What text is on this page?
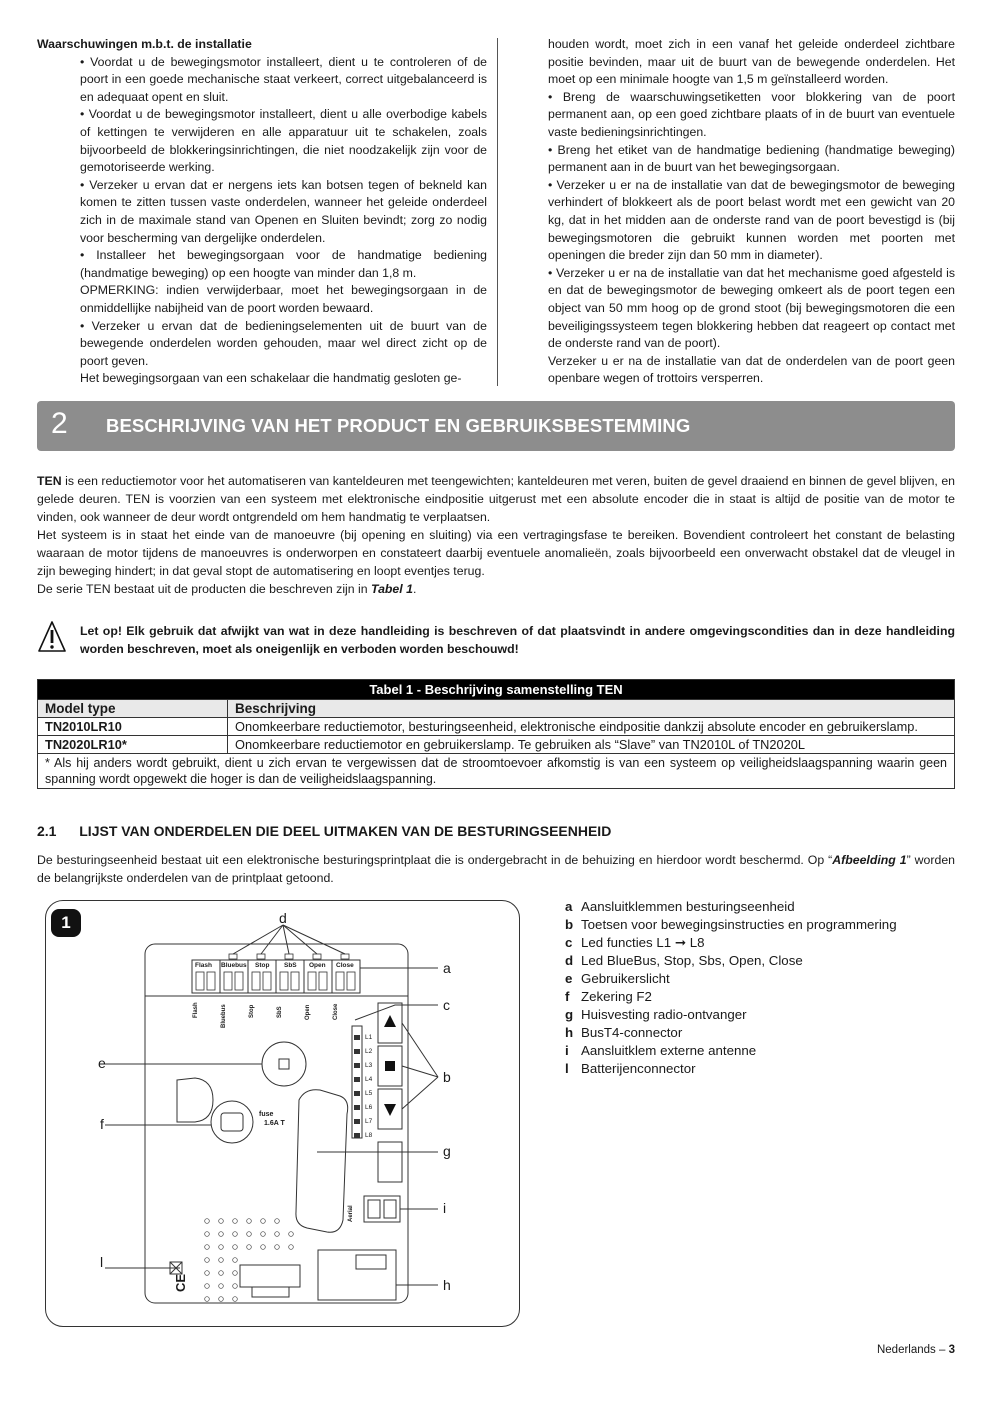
Waarschuwingen m.b.t. de installatie

• Voordat u de bewegingsmotor installeert, dient u te controleren of de poort in een goede mechanische staat verkeert, correct uitgebalanceerd is en adequaat opent en sluit.

• Voordat u de bewegingsmotor installeert, dient u alle overbodige kabels of kettingen te verwijderen en alle apparatuur uit te schakelen, zoals bijvoorbeeld de blokkeringsinrichtingen, die niet noodzakelijk zijn voor de gemotoriseerde werking.

• Verzeker u ervan dat er nergens iets kan botsen tegen of bekneld kan komen te zitten tussen vaste onderdelen, wanneer het geleide onderdeel zich in de maximale stand van Openen en Sluiten bevindt; zorg zo nodig voor bescherming van dergelijke onderdelen.

• Installeer het bewegingsorgaan voor de handmatige bediening (handmatige beweging) op een hoogte van minder dan 1,8 m.

OPMERKING: indien verwijderbaar, moet het bewegingsorgaan in de onmiddellijke nabijheid van de poort worden bewaard.

• Verzeker u ervan dat de bedieningselementen uit de buurt van de bewegende onderdelen worden gehouden, maar wel direct zicht op de poort geven.

Het bewegingsorgaan van een schakelaar die handmatig gesloten ge-

houden wordt, moet zich in een vanaf het geleide onderdeel zichtbare positie bevinden, maar uit de buurt van de bewegende onderdelen. Het moet op een minimale hoogte van 1,5 m geïnstalleerd worden.

• Breng de waarschuwingsetiketten voor blokkering van de poort permanent aan, op een goed zichtbare plaats of in de buurt van eventuele vaste bedieningsinrichtingen.

• Breng het etiket van de handmatige bediening (handmatige beweging) permanent aan in de buurt van het bewegingsorgaan.

• Verzeker u er na de installatie van dat de bewegingsmotor de beweging verhindert of blokkeert als de poort belast wordt met een gewicht van 20 kg, dat in het midden aan de onderste rand van de poort bevestigd is (bij bewegingsmotoren die gebruikt kunnen worden met poorten met openingen die breder zijn dan 50 mm in diameter).

• Verzeker u er na de installatie van dat het mechanisme goed afgesteld is en dat de bewegingsmotor de beweging omkeert als de poort tegen een object van 50 mm hoog op de grond stoot (bij bewegingsmotoren die een beveiligingssysteem tegen blokkering hebben dat reageert op contact met de onderste rand van de poort).

Verzeker u er na de installatie van dat de onderdelen van de poort geen openbare wegen of trottoirs versperren.

2 BESCHRIJVING VAN HET PRODUCT EN GEBRUIKSBESTEMMING

TEN is een reductiemotor voor het automatiseren van kanteldeuren met teengewichten; kanteldeuren met veren, buiten de gevel draaiend en binnen de gevel blijven, en gelede deuren. TEN is voorzien van een systeem met elektronische eindpositie uitgerust met een absolute encoder die in staat is altijd de positie van de motor te vinden, ook wanneer de deur wordt ontgrendeld om hem handmatig te verplaatsen.

Het systeem is in staat het einde van de manoeuvre (bij opening en sluiting) via een vertragingsfase te bereiken. Bovendient controleert het constant de belasting waaraan de motor tijdens de manoeuvres is onderworpen en constateert daarbij eventuele anomalieën, zoals bijvoorbeeld een onverwacht obstakel dat de vleugel in zijn beweging hindert; in dat geval stopt de automatisering en loopt eventjes terug.

De serie TEN bestaat uit de producten die beschreven zijn in Tabel 1.

Let op! Elk gebruik dat afwijkt van wat in deze handleiding is beschreven of dat plaatsvindt in andere omgevingscondities dan in deze handleiding worden beschreven, moet als oneigenlijk en verboden worden beschouwd!
Tabel 1 - Beschrijving samenstelling TEN	
Model type	Beschrijving
TN2010LR10	Onomkeerbare reductiemotor, besturingseenheid, elektronische eindpositie dankzij absolute encoder en gebruikerslamp.
TN2020LR10*	Onomkeerbare reductiemotor en gebruikerslamp. Te gebruiken als “Slave” van TN2010L of TN2020L
* Als hij anders wordt gebruikt, dient u zich ervan te vergewissen dat de stroomtoevoer afkomstig is van een systeem op veiligheidslaagspanning waarin geen spanning wordt opgewekt die hoger is dan de veiligheidslaagspanning.	
2.1 LIJST VAN ONDERDELEN DIE DEEL UITMAKEN VAN DE BESTURINGSEENHEID
De besturingseenheid bestaat uit een elektronische besturingsprintplaat die is ondergebracht in de behuizing en hierdoor wordt beschermd. Op “Afbeelding 1” worden de belangrijkste onderdelen van de printplaat getoond.
1	d
a
c
b
g
i
h
e
f
l
Flash Bluebus Stop SbS Open Close
Flash	Bluebus	Stop	SbS	Open	Close
L1
L2
L3
L4
L5
L6
L7
L8
fuse
1.6A T
Aerial
CE
a Aansluitklemmen besturingseenheid
b Toetsen voor bewegingsinstructies en programmering
c Led functies L1 ➞ L8
d Led BlueBus, Stop, Sbs, Open, Close
e Gebruikerslicht
f Zekering F2
g Huisvesting radio-ontvanger
h BusT4-connector
i Aansluitklem externe antenne
l Batterijenconnector
Nederlands – 3
